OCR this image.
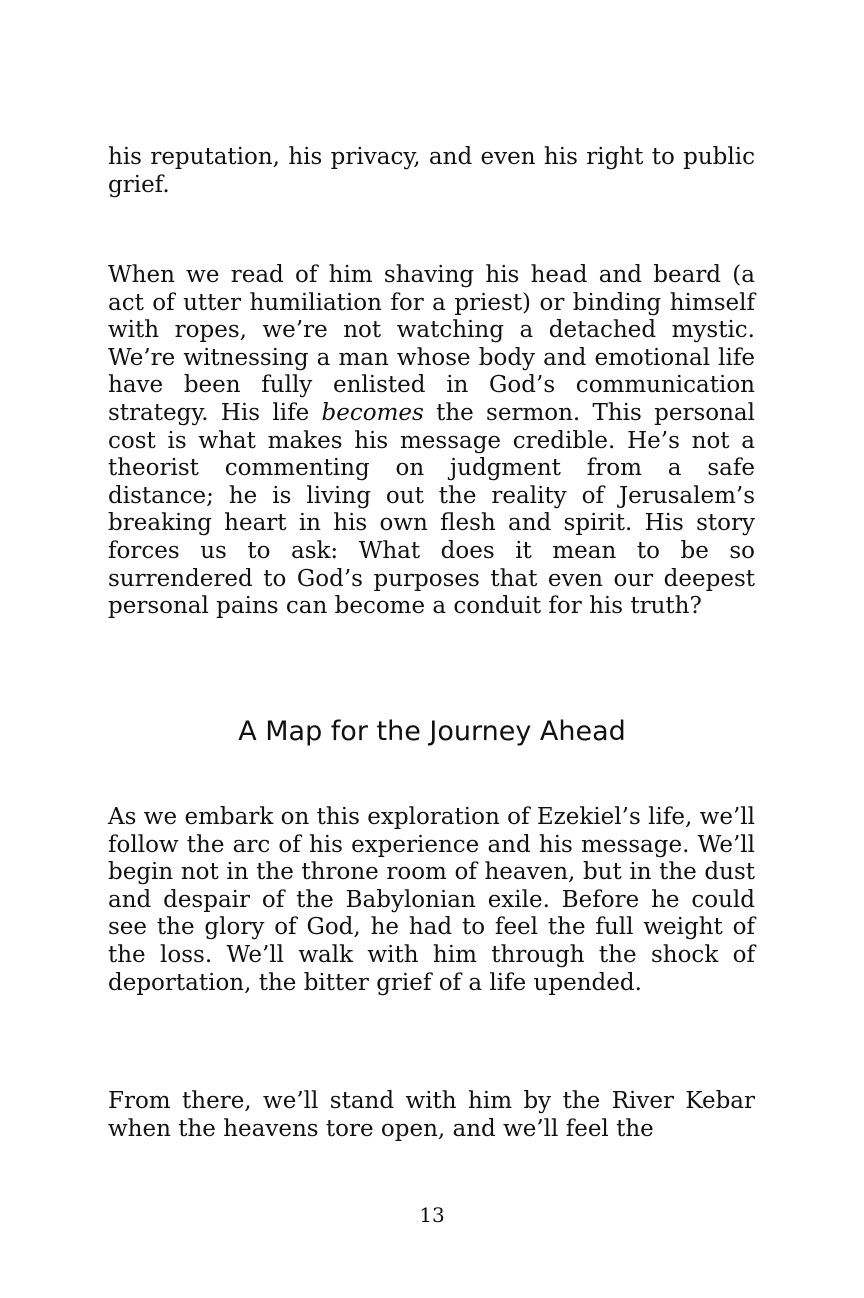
his reputation, his privacy, and even his right to public grief.

When we read of him shaving his head and beard (a act of utter humiliation for a priest) or binding himself with ropes, we’re not watching a detached mystic. We’re witnessing a man whose body and emotional life have been fully enlisted in God’s communication strategy. His life becomes the sermon. This personal cost is what makes his message credible. He’s not a theorist commenting on judgment from a safe distance; he is living out the reality of Jerusalem’s breaking heart in his own flesh and spirit. His story forces us to ask: What does it mean to be so surrendered to God’s purposes that even our deepest personal pains can become a conduit for his truth?

A Map for the Journey Ahead

As we embark on this exploration of Ezekiel’s life, we’ll follow the arc of his experience and his message. We’ll begin not in the throne room of heaven, but in the dust and despair of the Babylonian exile. Before he could see the glory of God, he had to feel the full weight of the loss. We’ll walk with him through the shock of deportation, the bitter grief of a life upended.

From there, we’ll stand with him by the River Kebar when the heavens tore open, and we’ll feel the

13
